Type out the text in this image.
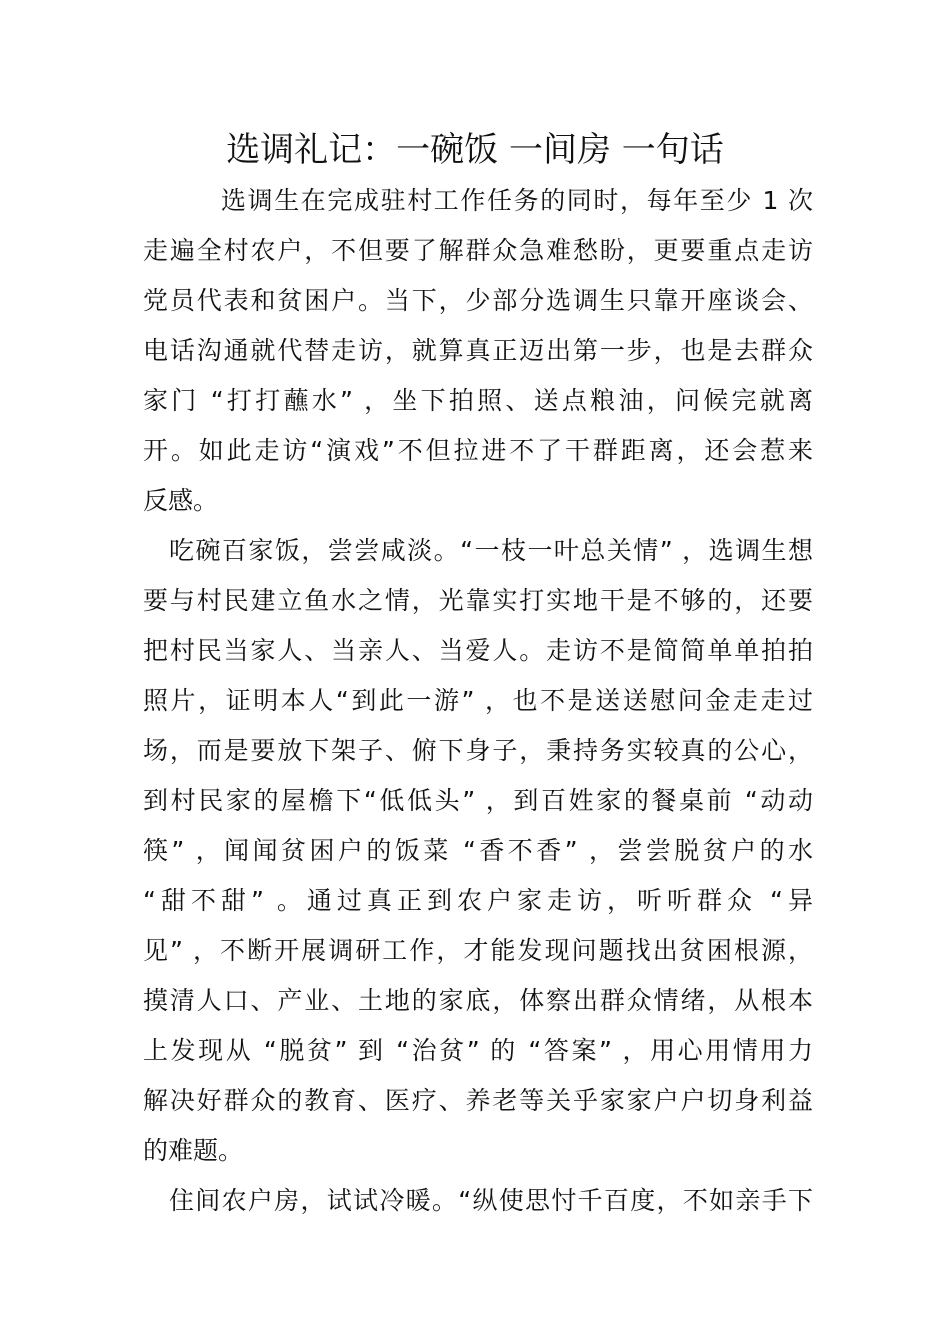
选调礼记：一碗饭 一间房 一句话
选调生在完成驻村工作任务的同时，每年至少 1 次
走遍全村农户，不但要了解群众急难愁盼，更要重点走访
党员代表和贫困户。当下，少部分选调生只靠开座谈会、
电话沟通就代替走访，就算真正迈出第一步，也是去群众
家门 “打打蘸水” ，坐下拍照、送点粮油，问候完就离
开。如此走访“演戏”不但拉进不了干群距离，还会惹来
反感。
吃碗百家饭，尝尝咸淡。“一枝一叶总关情” ，选调生想
要与村民建立鱼水之情，光靠实打实地干是不够的，还要
把村民当家人、当亲人、当爱人。走访不是简简单单拍拍
照片，证明本人“到此一游” ，也不是送送慰问金走走过
场，而是要放下架子、俯下身子，秉持务实较真的公心，
到村民家的屋檐下“低低头” ，到百姓家的餐桌前 “动动
筷” ，闻闻贫困户的饭菜 “香不香” ，尝尝脱贫户的水
“甜不甜” 。通过真正到农户家走访，听听群众 “异
见” ，不断开展调研工作，才能发现问题找出贫困根源，
摸清人口、产业、土地的家底，体察出群众情绪，从根本
上发现从 “脱贫” 到 “治贫” 的 “答案” ，用心用情用力
解决好群众的教育、医疗、养老等关乎家家户户切身利益
的难题。
住间农户房，试试冷暖。“纵使思忖千百度，不如亲手下
